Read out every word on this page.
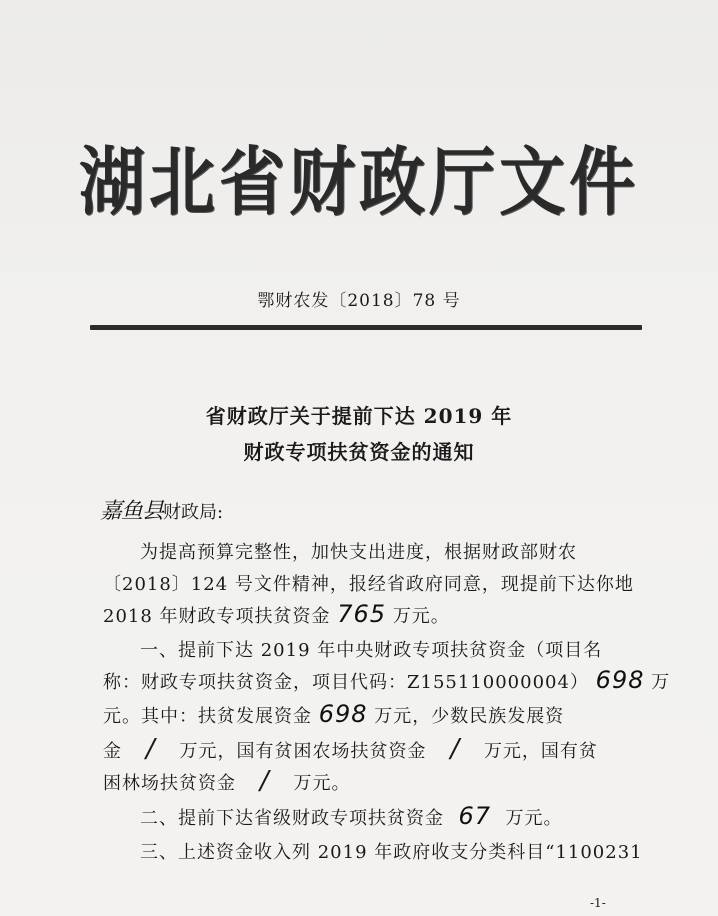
湖北省财政厅文件
鄂财农发〔2018〕78 号
省财政厅关于提前下达 2019 年
财政专项扶贫资金的通知
嘉鱼县财政局:
为提高预算完整性，加快支出进度，根据财政部财农
〔2018〕124 号文件精神，报经省政府同意，现提前下达你地
2018 年财政专项扶贫资金 765 万元。
一、提前下达 2019 年中央财政专项扶贫资金（项目名
称：财政专项扶贫资金，项目代码：Z155110000004） 698 万
元。其中：扶贫发展资金 698 万元，少数民族发展资
金 / 万元，国有贫困农场扶贫资金 / 万元，国有贫
困林场扶贫资金 / 万元。
二、提前下达省级财政专项扶贫资金 67 万元。
三、上述资金收入列 2019 年政府收支分类科目“1100231
-1-
